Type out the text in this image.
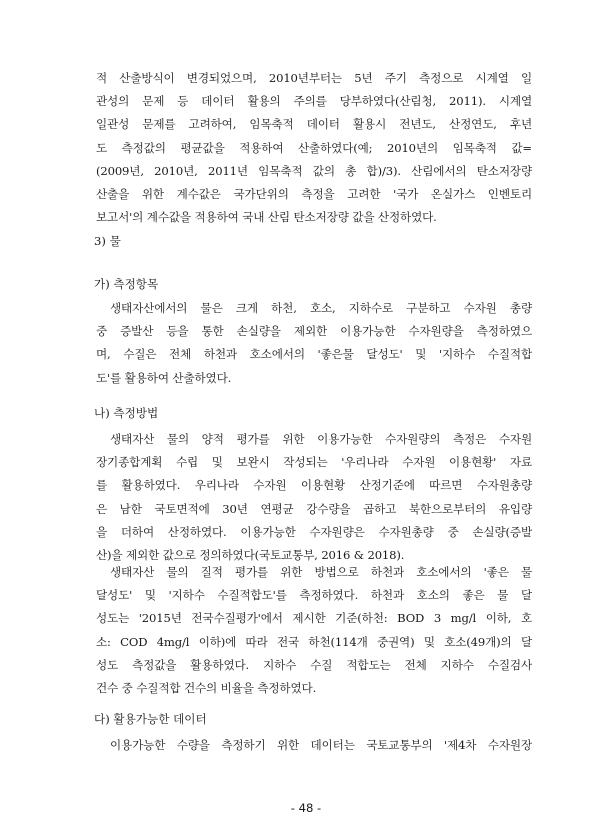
적 산출방식이 변경되었으며, 2010년부터는 5년 주기 측정으로 시계열 일
관성의 문제 등 데이터 활용의 주의를 당부하였다(산림청, 2011). 시계열
일관성 문제를 고려하여, 임목축적 데이터 활용시 전년도, 산정연도, 후년
도 측정값의 평균값을 적용하여 산출하였다(예; 2010년의 임목축적 값=
(2009년, 2010년, 2011년 임목축적 값의 총 합)/3). 산림에서의 탄소저장량
산출을 위한 계수값은 국가단위의 측정을 고려한 '국가 온실가스 인벤토리
보고서'의 계수값을 적용하여 국내 산림 탄소저장량 값을 산정하였다.
3) 물
가) 측정항목
생태자산에서의 물은 크게 하천, 호소, 지하수로 구분하고 수자원 총량
중 증발산 등을 통한 손실량을 제외한 이용가능한 수자원량을 측정하였으
며, 수질은 전체 하천과 호소에서의 '좋은물 달성도' 및 '지하수 수질적합
도'를 활용하여 산출하였다.
나) 측정방법
생태자산 물의 양적 평가를 위한 이용가능한 수자원량의 측정은 수자원
장기종합계획 수립 및 보완시 작성되는 '우리나라 수자원 이용현황' 자료
를 활용하였다. 우리나라 수자원 이용현황 산정기준에 따르면 수자원총량
은 남한 국토면적에 30년 연평균 강수량을 곱하고 북한으로부터의 유입량
을 더하여 산정하였다. 이용가능한 수자원량은 수자원총량 중 손실량(증발
산)을 제외한 값으로 정의하였다(국토교통부, 2016 & 2018).
생태자산 물의 질적 평가를 위한 방법으로 하천과 호소에서의 '좋은 물
달성도' 및 '지하수 수질적합도'를 측정하였다. 하천과 호소의 좋은 물 달
성도는 '2015년 전국수질평가'에서 제시한 기준(하천: BOD 3 mg/l 이하, 호
소: COD 4mg/l 이하)에 따라 전국 하천(114개 중권역) 및 호소(49개)의 달
성도 측정값을 활용하였다. 지하수 수질 적합도는 전체 지하수 수질검사
건수 중 수질적합 건수의 비율을 측정하였다.
다) 활용가능한 데이터
이용가능한 수량을 측정하기 위한 데이터는 국토교통부의 '제4차 수자원장
- 48 -
